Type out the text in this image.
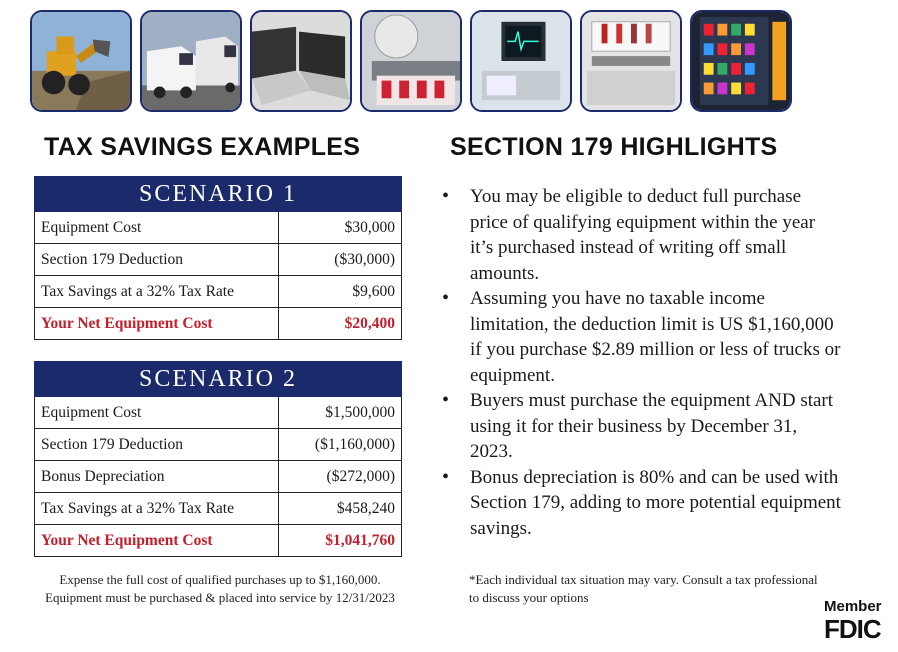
TAX SAVINGS EXAMPLES	SECTION 179 HIGHLIGHTS
SCENARIO 1	
Equipment Cost	$30,000
Section 179 Deduction	($30,000)
Tax Savings at a 32% Tax Rate	$9,600
Your Net Equipment Cost	$20,400
SCENARIO 2	
Equipment Cost	$1,500,000
Section 179 Deduction	($1,160,000)
Bonus Depreciation	($272,000)
Tax Savings at a 32% Tax Rate	$458,240
Your Net Equipment Cost	$1,041,760
Expense the full cost of qualified purchases up to $1,160,000. Equipment must be purchased & placed into service by 12/31/2023
• You may be eligible to deduct full purchase price of qualifying equipment within the year it’s purchased instead of writing off small amounts.
• Assuming you have no taxable income limitation, the deduction limit is US $1,160,000 if you purchase $2.89 million or less of trucks or equipment.
• Buyers must purchase the equipment AND start using it for their business by December 31, 2023.
• Bonus depreciation is 80% and can be used with Section 179, adding to more potential equipment savings.
*Each individual tax situation may vary. Consult a tax professional to discuss your options
Member
FDIC
